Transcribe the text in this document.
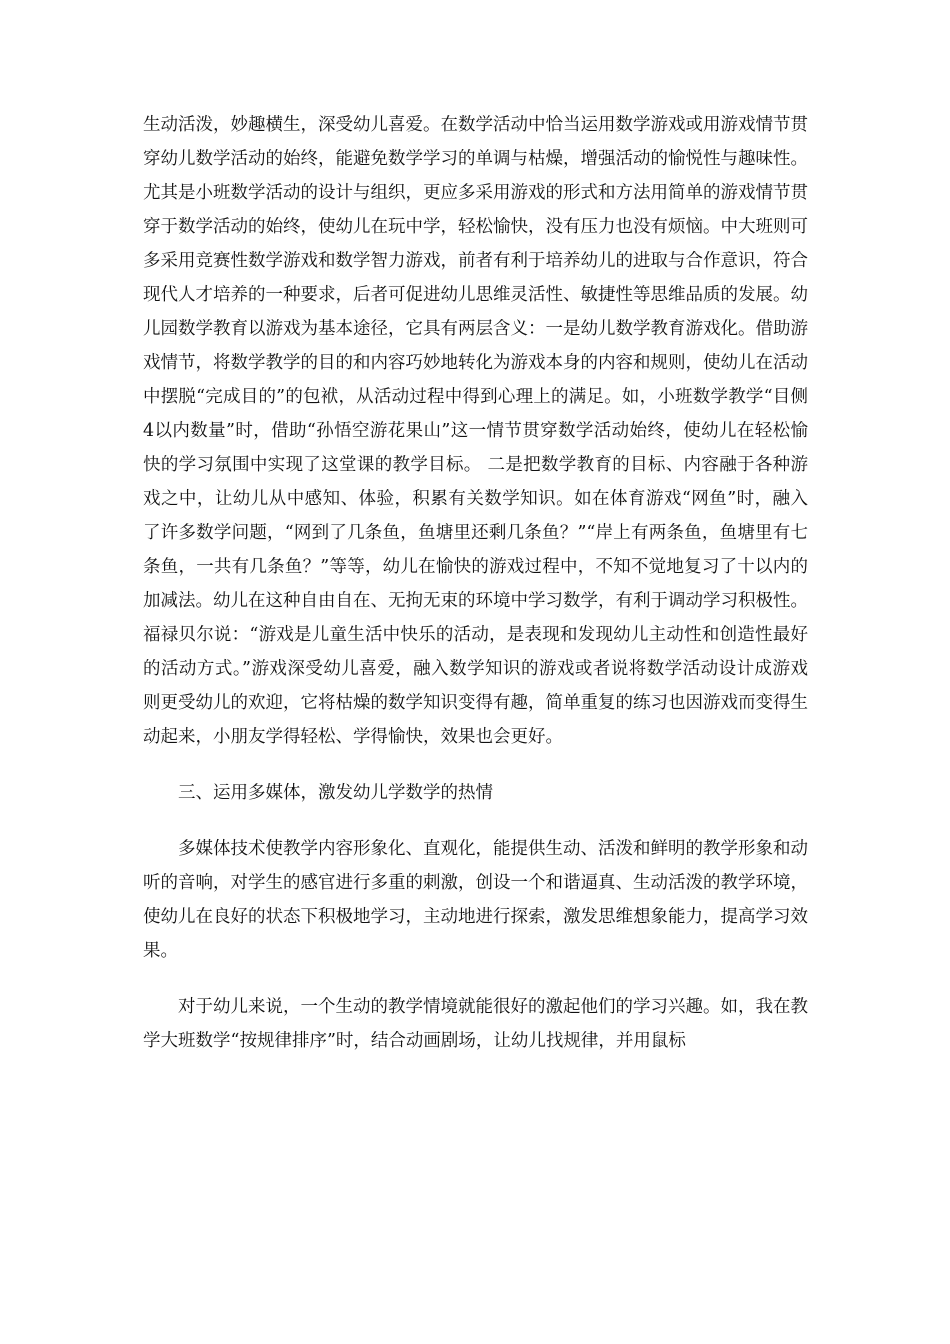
生动活泼，妙趣横生，深受幼儿喜爱。在数学活动中恰当运用数学游戏或用游戏情节贯穿幼儿数学活动的始终，能避免数学学习的单调与枯燥，增强活动的愉悦性与趣味性。尤其是小班数学活动的设计与组织，更应多采用游戏的形式和方法用简单的游戏情节贯穿于数学活动的始终，使幼儿在玩中学，轻松愉快，没有压力也没有烦恼。中大班则可多采用竞赛性数学游戏和数学智力游戏，前者有利于培养幼儿的进取与合作意识，符合现代人才培养的一种要求，后者可促进幼儿思维灵活性、敏捷性等思维品质的发展。幼儿园数学教育以游戏为基本途径，它具有两层含义：一是幼儿数学教育游戏化。借助游戏情节，将数学教学的目的和内容巧妙地转化为游戏本身的内容和规则，使幼儿在活动中摆脱“完成目的”的包袱，从活动过程中得到心理上的满足。如，小班数学教学“目侧4以内数量”时，借助“孙悟空游花果山”这一情节贯穿数学活动始终，使幼儿在轻松愉快的学习氛围中实现了这堂课的教学目标。 二是把数学教育的目标、内容融于各种游戏之中，让幼儿从中感知、体验，积累有关数学知识。如在体育游戏“网鱼”时，融入了许多数学问题，“网到了几条鱼，鱼塘里还剩几条鱼？”“岸上有两条鱼，鱼塘里有七条鱼，一共有几条鱼？”等等，幼儿在愉快的游戏过程中，不知不觉地复习了十以内的加减法。幼儿在这种自由自在、无拘无束的环境中学习数学，有利于调动学习积极性。福禄贝尔说：“游戏是儿童生活中快乐的活动，是表现和发现幼儿主动性和创造性最好的活动方式。”游戏深受幼儿喜爱，融入数学知识的游戏或者说将数学活动设计成游戏则更受幼儿的欢迎，它将枯燥的数学知识变得有趣，简单重复的练习也因游戏而变得生动起来，小朋友学得轻松、学得愉快，效果也会更好。

三、运用多媒体，激发幼儿学数学的热情

多媒体技术使教学内容形象化、直观化，能提供生动、活泼和鲜明的教学形象和动听的音响，对学生的感官进行多重的刺激，创设一个和谐逼真、生动活泼的教学环境，使幼儿在良好的状态下积极地学习，主动地进行探索，激发思维想象能力，提高学习效果。

对于幼儿来说，一个生动的教学情境就能很好的激起他们的学习兴趣。如，我在教学大班数学“按规律排序”时，结合动画剧场，让幼儿找规律，并用鼠标
